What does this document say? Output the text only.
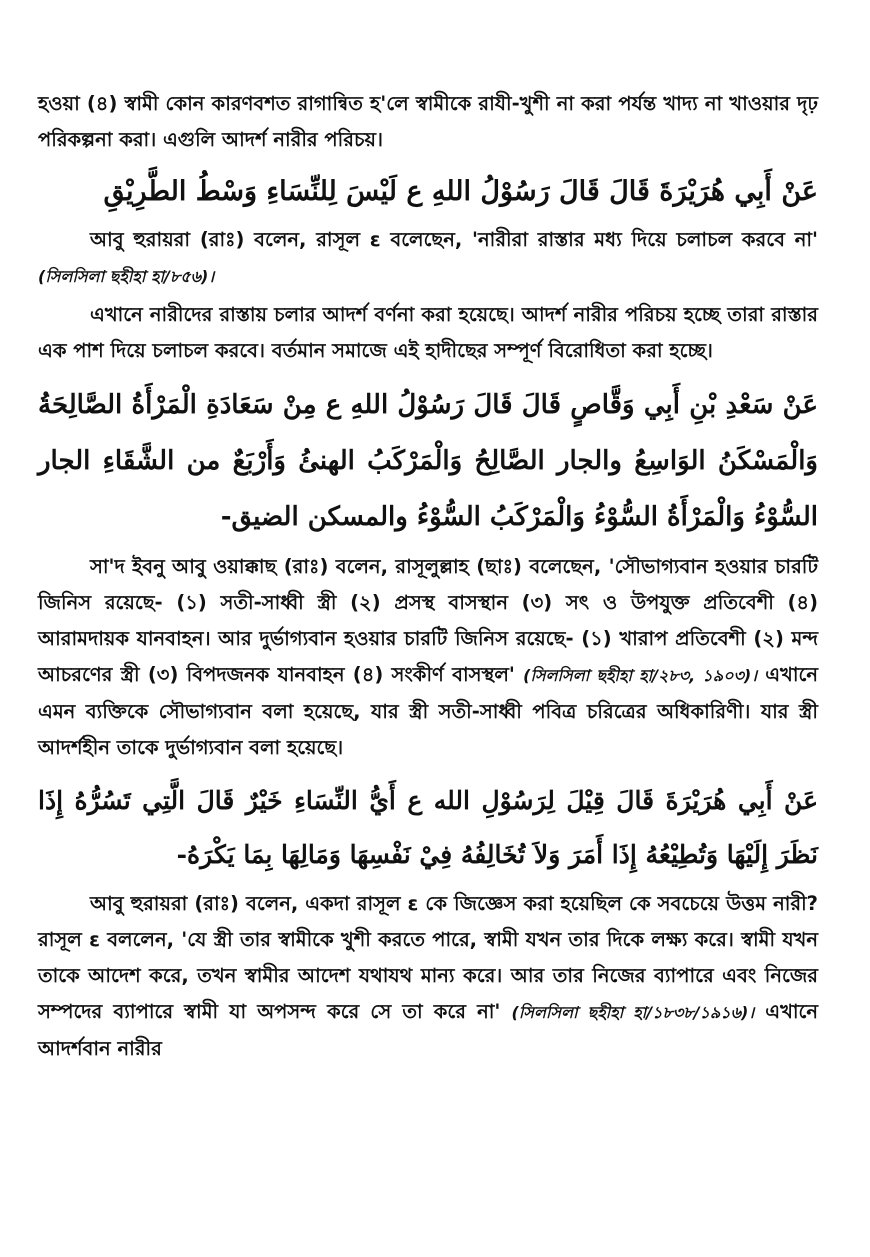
হওয়া (৪) স্বামী কোন কারণবশত রাগান্বিত হ'লে স্বামীকে রাযী-খুশী না করা পর্যন্ত খাদ্য না খাওয়ার দৃঢ় পরিকল্পনা করা। এগুলি আদর্শ নারীর পরিচয়।

عَنْ أَبِي هُرَيْرَةَ قَالَ قَالَ رَسُوْلُ اللهِ ع لَيْسَ لِلنِّسَاءِ وَسْطُ الطَّرِيْقِ

আবু হুরায়রা (রাঃ) বলেন, রাসূল ε বলেছেন, 'নারীরা রাস্তার মধ্য দিয়ে চলাচল করবে না' (সিলসিলা ছহীহা হা/৮৫৬)।

এখানে নারীদের রাস্তায় চলার আদর্শ বর্ণনা করা হয়েছে। আদর্শ নারীর পরিচয় হচ্ছে তারা রাস্তার এক পাশ দিয়ে চলাচল করবে। বর্তমান সমাজে এই হাদীছের সম্পূর্ণ বিরোধিতা করা হচ্ছে।

عَنْ سَعْدِ بْنِ أَبِي وَقَّاصٍ قَالَ قَالَ رَسُوْلُ اللهِ ع مِنْ سَعَادَةِ الْمَرْأَةُ الصَّالِحَةُ وَالْمَسْكَنُ الوَاسِعُ والجار الصَّالِحُ وَالْمَرْكَبُ الهنئُ وَأَرْبَعٌ من الشَّقَاءِ الجار السُّوْءُ وَالْمَرْأَةُ السُّوْءُ وَالْمَرْكَبُ السُّوْءُ والمسكن الضيق-

সা'দ ইবনু আবু ওয়াক্কাছ (রাঃ) বলেন, রাসূলুল্লাহ (ছাঃ) বলেছেন, 'সৌভাগ্যবান হওয়ার চারটি জিনিস রয়েছে- (১) সতী-সাধ্বী স্ত্রী (২) প্রসস্থ বাসস্থান (৩) সৎ ও উপযুক্ত প্রতিবেশী (৪) আরামদায়ক যানবাহন। আর দুর্ভাগ্যবান হওয়ার চারটি জিনিস রয়েছে- (১) খারাপ প্রতিবেশী (২) মন্দ আচরণের স্ত্রী (৩) বিপদজনক যানবাহন (৪) সংকীর্ণ বাসস্থল' (সিলসিলা ছহীহা হা/২৮৩, ১৯০৩)। এখানে এমন ব্যক্তিকে সৌভাগ্যবান বলা হয়েছে, যার স্ত্রী সতী-সাধ্বী পবিত্র চরিত্রের অধিকারিণী। যার স্ত্রী আদর্শহীন তাকে দুর্ভাগ্যবান বলা হয়েছে।

عَنْ أَبِي هُرَيْرَةَ قَالَ قِيْلَ لِرَسُوْلِ الله ع أَيُّ النِّسَاءِ خَيْرٌ قَالَ الَّتِي تَسُرُّهُ إِذَا نَظَرَ إِلَيْهَا وَتُطِيْعُهُ إِذَا أَمَرَ وَلاَ تُخَالِفُهُ فِيْ نَفْسِهَا وَمَالِهَا بِمَا يَكْرَهُ-

আবু হুরায়রা (রাঃ) বলেন, একদা রাসূল ε কে জিজ্ঞেস করা হয়েছিল কে সবচেয়ে উত্তম নারী? রাসূল ε বললেন, 'যে স্ত্রী তার স্বামীকে খুশী করতে পারে, স্বামী যখন তার দিকে লক্ষ্য করে। স্বামী যখন তাকে আদেশ করে, তখন স্বামীর আদেশ যথাযথ মান্য করে। আর তার নিজের ব্যাপারে এবং নিজের সম্পদের ব্যাপারে স্বামী যা অপসন্দ করে সে তা করে না' (সিলসিলা ছহীহা হা/১৮৩৮/১৯১৬)। এখানে আদর্শবান নারীর
